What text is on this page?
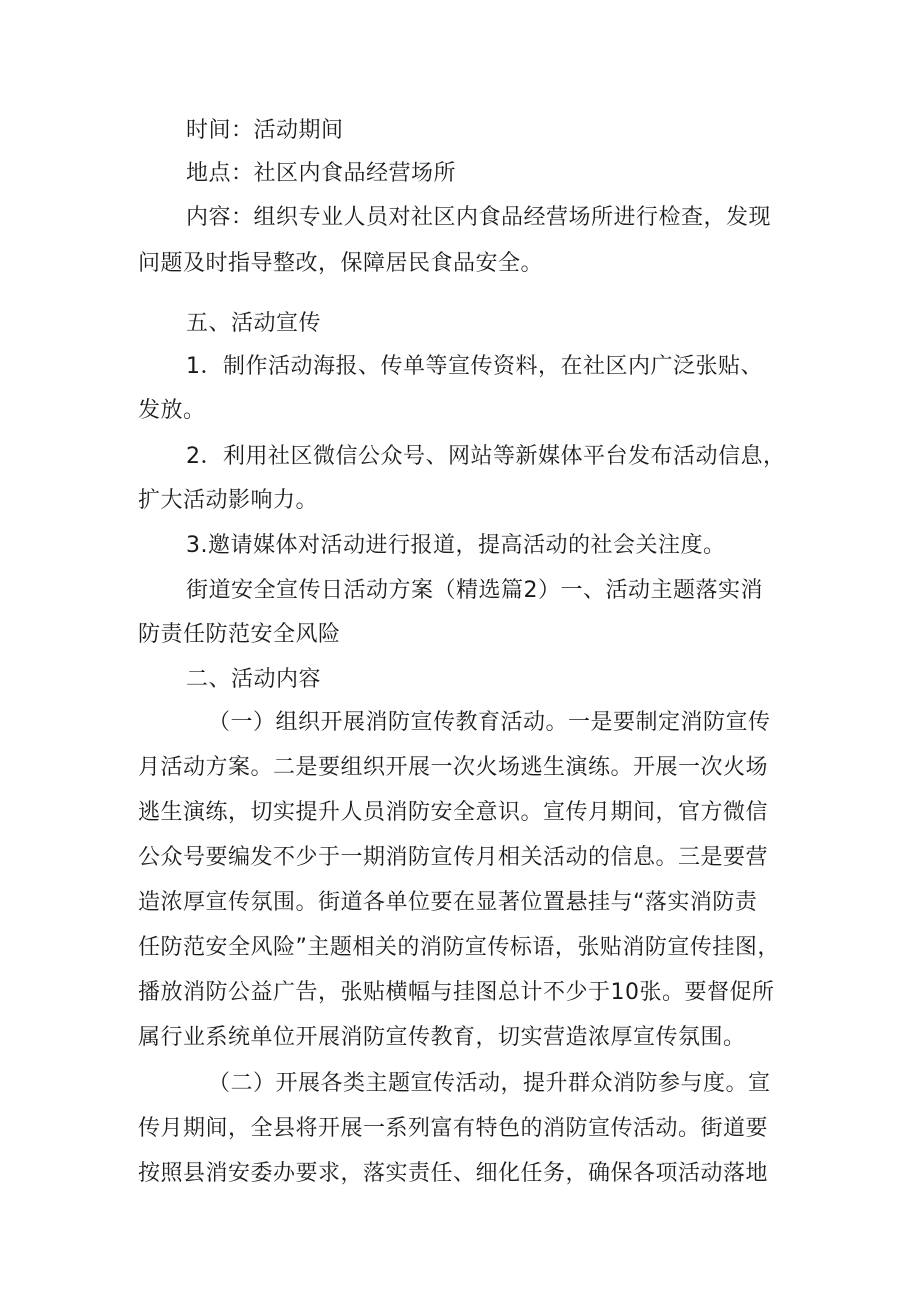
时间：活动期间
地点：社区内食品经营场所
内容：组织专业人员对社区内食品经营场所进行检查，发现
问题及时指导整改，保障居民食品安全。
五、活动宣传
1．制作活动海报、传单等宣传资料，在社区内广泛张贴、
发放。
2．利用社区微信公众号、网站等新媒体平台发布活动信息，
扩大活动影响力。
3.邀请媒体对活动进行报道，提高活动的社会关注度。
街道安全宣传日活动方案（精选篇2）一、活动主题落实消
防责任防范安全风险
二、活动内容
（一）组织开展消防宣传教育活动。一是要制定消防宣传
月活动方案。二是要组织开展一次火场逃生演练。开展一次火场
逃生演练，切实提升人员消防安全意识。宣传月期间，官方微信
公众号要编发不少于一期消防宣传月相关活动的信息。三是要营
造浓厚宣传氛围。街道各单位要在显著位置悬挂与“落实消防责
任防范安全风险”主题相关的消防宣传标语，张贴消防宣传挂图，
播放消防公益广告，张贴横幅与挂图总计不少于10张。要督促所
属行业系统单位开展消防宣传教育，切实营造浓厚宣传氛围。
（二）开展各类主题宣传活动，提升群众消防参与度。宣
传月期间，全县将开展一系列富有特色的消防宣传活动。街道要
按照县消安委办要求，落实责任、细化任务，确保各项活动落地
